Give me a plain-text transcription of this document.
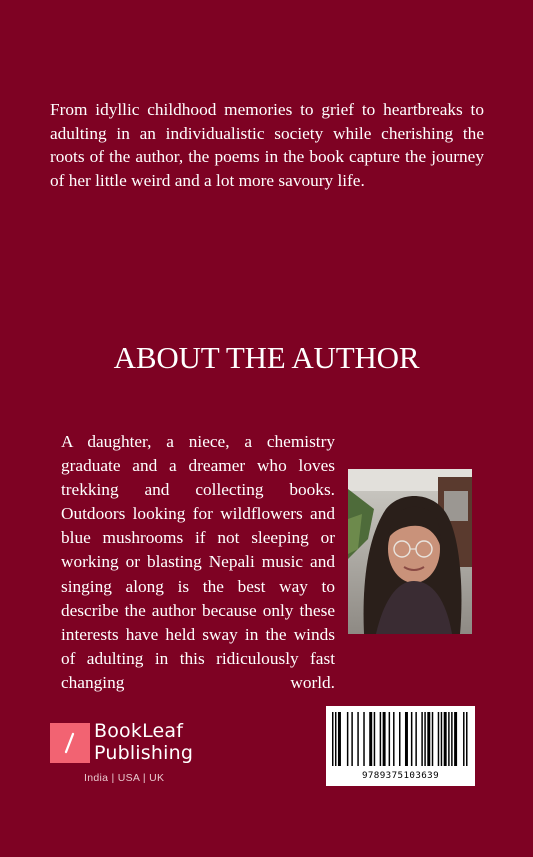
From idyllic childhood memories to grief to heartbreaks to adulting in an individualistic society while cherishing the roots of the author, the poems in the book capture the journey of her little weird and a lot more savoury life.
ABOUT THE AUTHOR
A daughter, a niece, a chemistry graduate and a dreamer who loves trekking and collecting books. Outdoors looking for wildflowers and blue mushrooms if not sleeping or working or blasting Nepali music and singing along is the best way to describe the author because only these interests have held sway in the winds of adulting in this ridiculously fast changing world.
BookLeaf
Publishing
India | USA | UK	9789375103639
